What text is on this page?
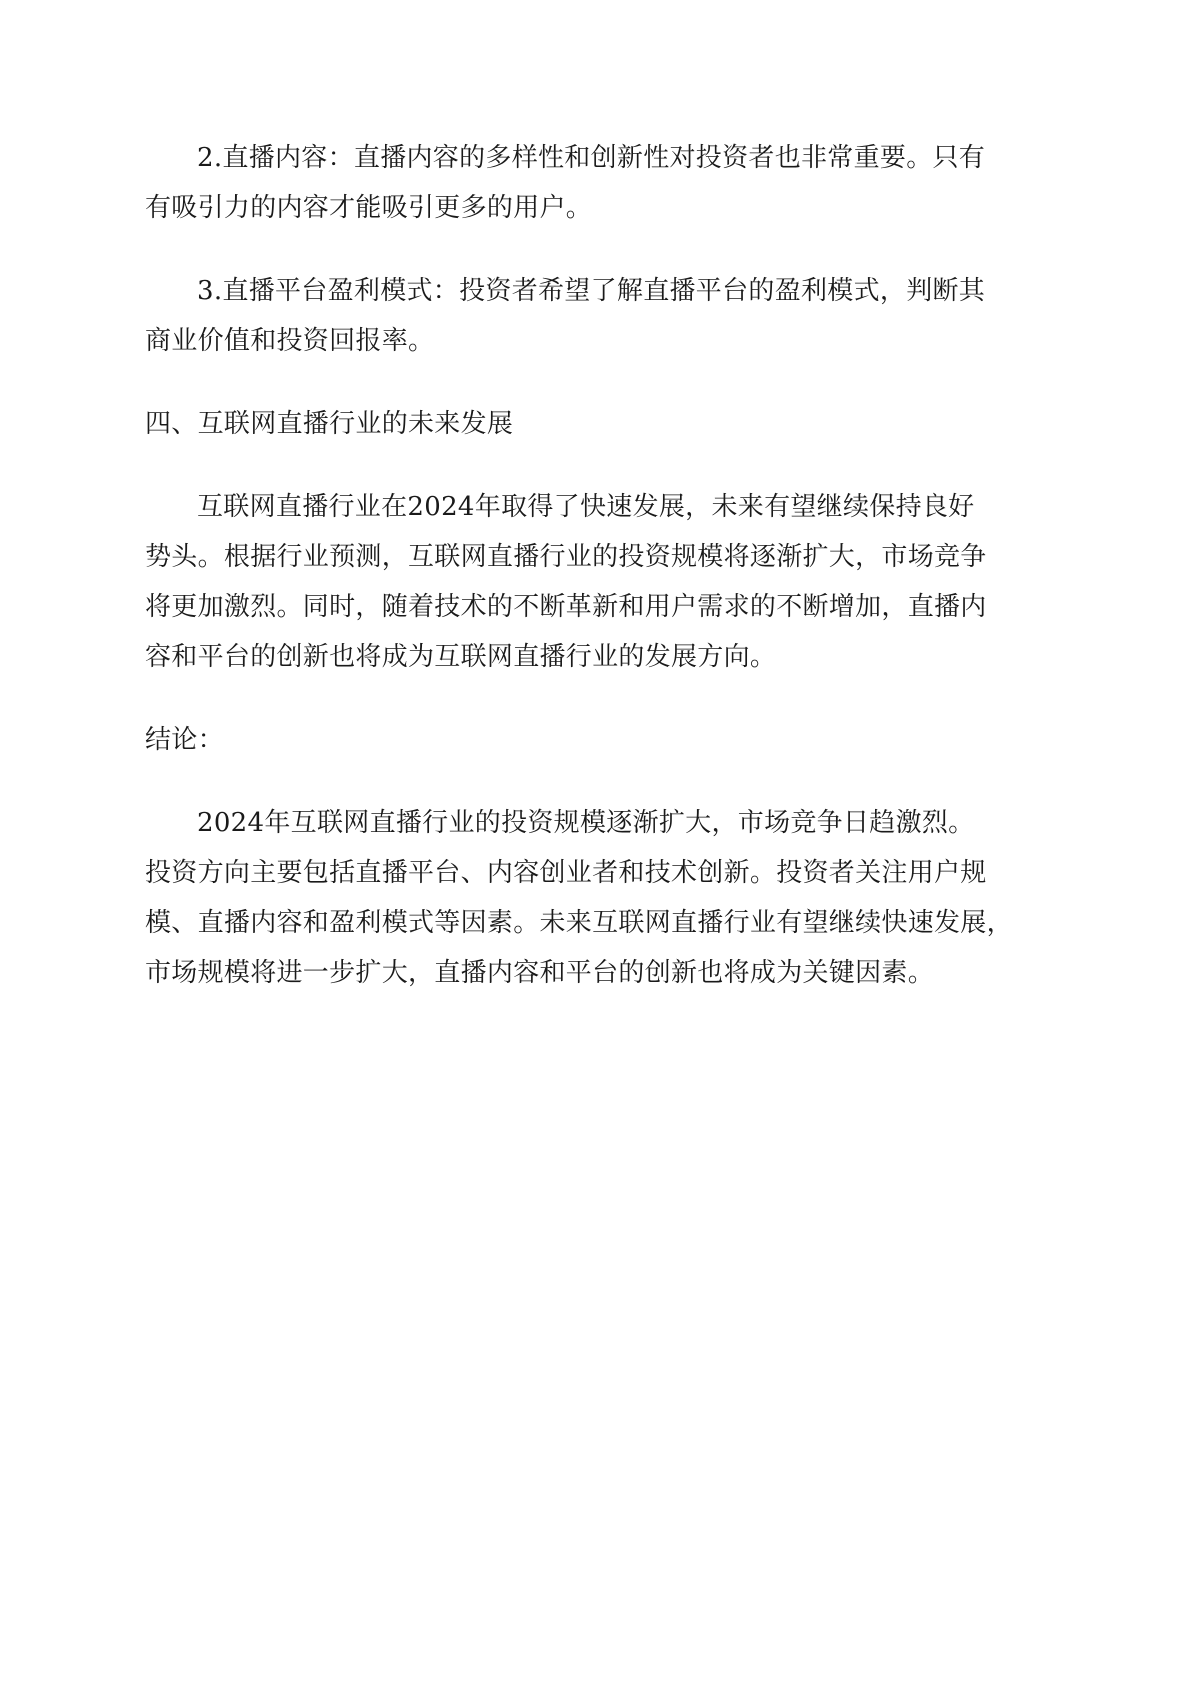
2.直播内容：直播内容的多样性和创新性对投资者也非常重要。只有
有吸引力的内容才能吸引更多的用户。

3.直播平台盈利模式：投资者希望了解直播平台的盈利模式，判断其
商业价值和投资回报率。

四、互联网直播行业的未来发展

互联网直播行业在2024年取得了快速发展，未来有望继续保持良好
势头。根据行业预测，互联网直播行业的投资规模将逐渐扩大，市场竞争
将更加激烈。同时，随着技术的不断革新和用户需求的不断增加，直播内
容和平台的创新也将成为互联网直播行业的发展方向。

结论：

2024年互联网直播行业的投资规模逐渐扩大，市场竞争日趋激烈。
投资方向主要包括直播平台、内容创业者和技术创新。投资者关注用户规
模、直播内容和盈利模式等因素。未来互联网直播行业有望继续快速发展，
市场规模将进一步扩大，直播内容和平台的创新也将成为关键因素。
